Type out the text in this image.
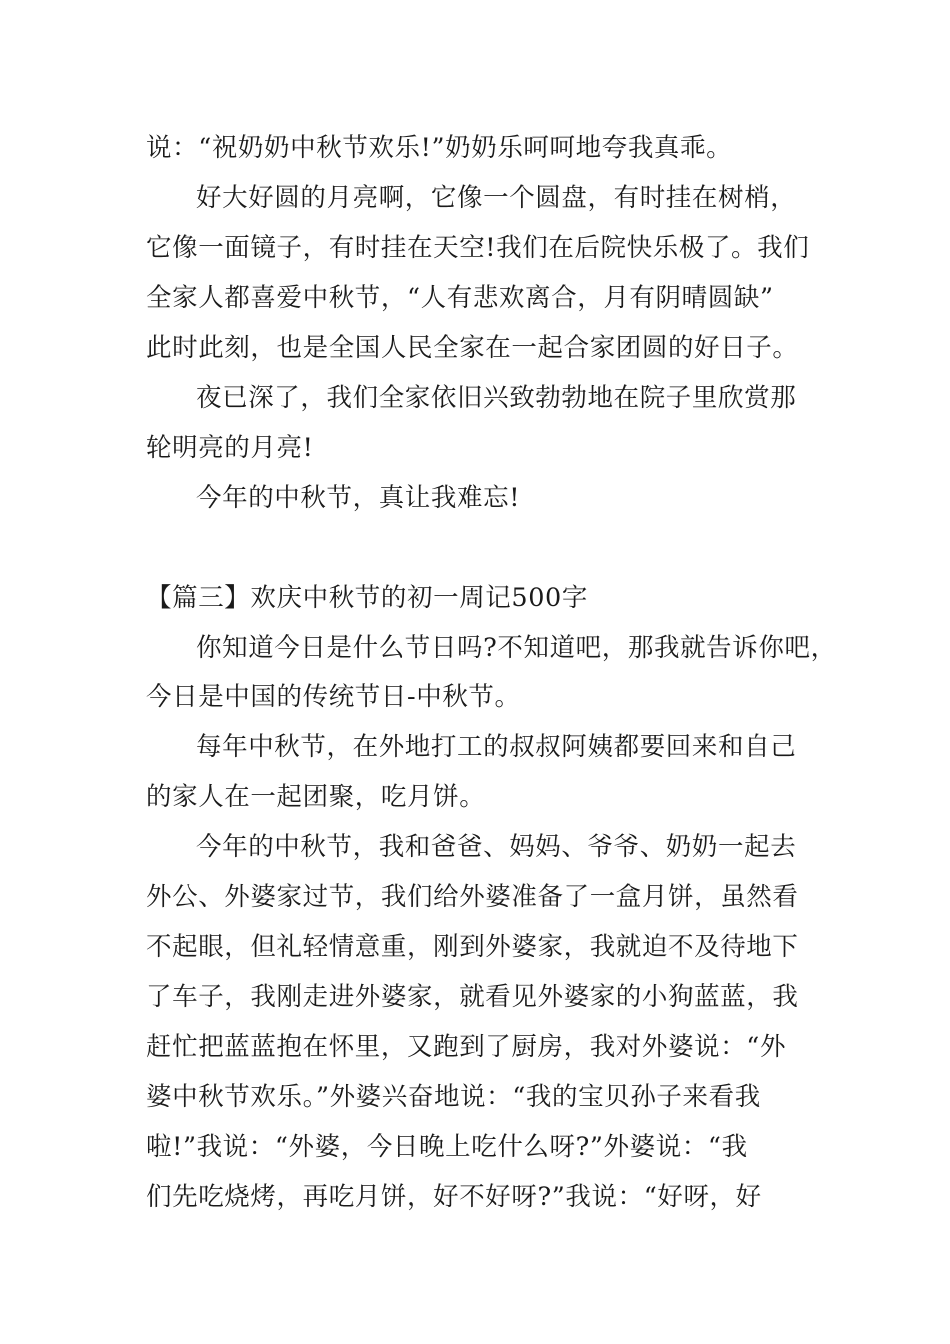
说：“祝奶奶中秋节欢乐!”奶奶乐呵呵地夸我真乖。
好大好圆的月亮啊，它像一个圆盘，有时挂在树梢，
它像一面镜子，有时挂在天空!我们在后院快乐极了。我们
全家人都喜爱中秋节，“人有悲欢离合，月有阴晴圆缺”
此时此刻，也是全国人民全家在一起合家团圆的好日子。
夜已深了，我们全家依旧兴致勃勃地在院子里欣赏那
轮明亮的月亮!
今年的中秋节，真让我难忘!
【篇三】欢庆中秋节的初一周记500字
你知道今日是什么节日吗?不知道吧，那我就告诉你吧，
今日是中国的传统节日-中秋节。
每年中秋节，在外地打工的叔叔阿姨都要回来和自己
的家人在一起团聚，吃月饼。
今年的中秋节，我和爸爸、妈妈、爷爷、奶奶一起去
外公、外婆家过节，我们给外婆准备了一盒月饼，虽然看
不起眼，但礼轻情意重，刚到外婆家，我就迫不及待地下
了车子，我刚走进外婆家，就看见外婆家的小狗蓝蓝，我
赶忙把蓝蓝抱在怀里，又跑到了厨房，我对外婆说：“外
婆中秋节欢乐。”外婆兴奋地说：“我的宝贝孙子来看我
啦!”我说：“外婆，今日晚上吃什么呀?”外婆说：“我
们先吃烧烤，再吃月饼，好不好呀?”我说：“好呀，好
